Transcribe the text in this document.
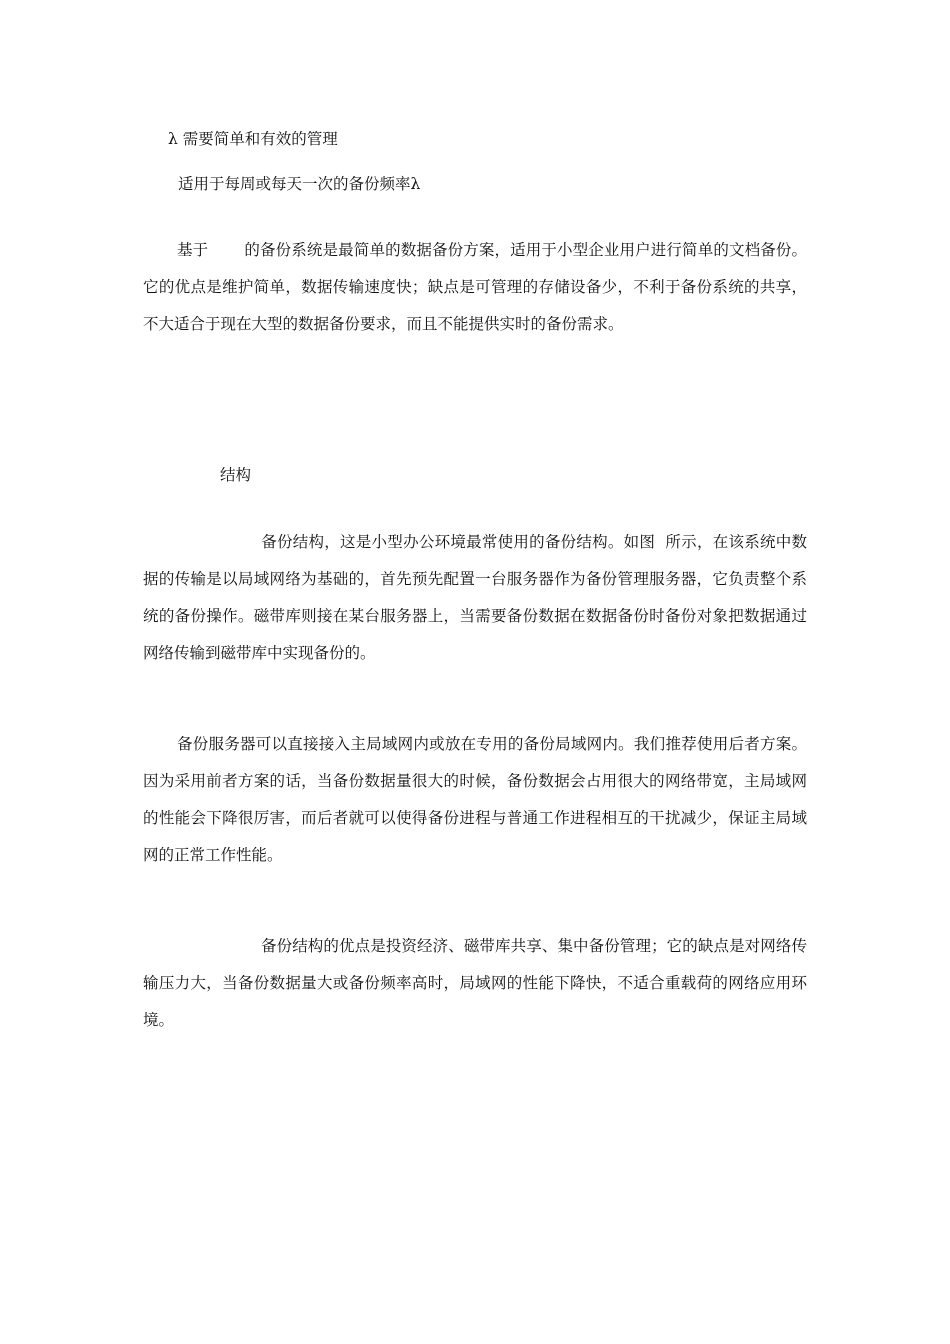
λ 需要简单和有效的管理

适用于每周或每天一次的备份频率λ

基于 的备份系统是最简单的数据备份方案，适用于小型企业用户进行简单的文档备份。它的优点是维护简单，数据传输速度快；缺点是可管理的存储设备少，不利于备份系统的共享，不大适合于现在大型的数据备份要求，而且不能提供实时的备份需求。

结构

备份结构，这是小型办公环境最常使用的备份结构。如图 所示，在该系统中数据的传输是以局域网络为基础的，首先预先配置一台服务器作为备份管理服务器，它负责整个系统的备份操作。磁带库则接在某台服务器上，当需要备份数据在数据备份时备份对象把数据通过网络传输到磁带库中实现备份的。

备份服务器可以直接接入主局域网内或放在专用的备份局域网内。我们推荐使用后者方案。因为采用前者方案的话，当备份数据量很大的时候，备份数据会占用很大的网络带宽，主局域网的性能会下降很厉害，而后者就可以使得备份进程与普通工作进程相互的干扰减少，保证主局域网的正常工作性能。

备份结构的优点是投资经济、磁带库共享、集中备份管理；它的缺点是对网络传输压力大，当备份数据量大或备份频率高时，局域网的性能下降快，不适合重载荷的网络应用环境。
